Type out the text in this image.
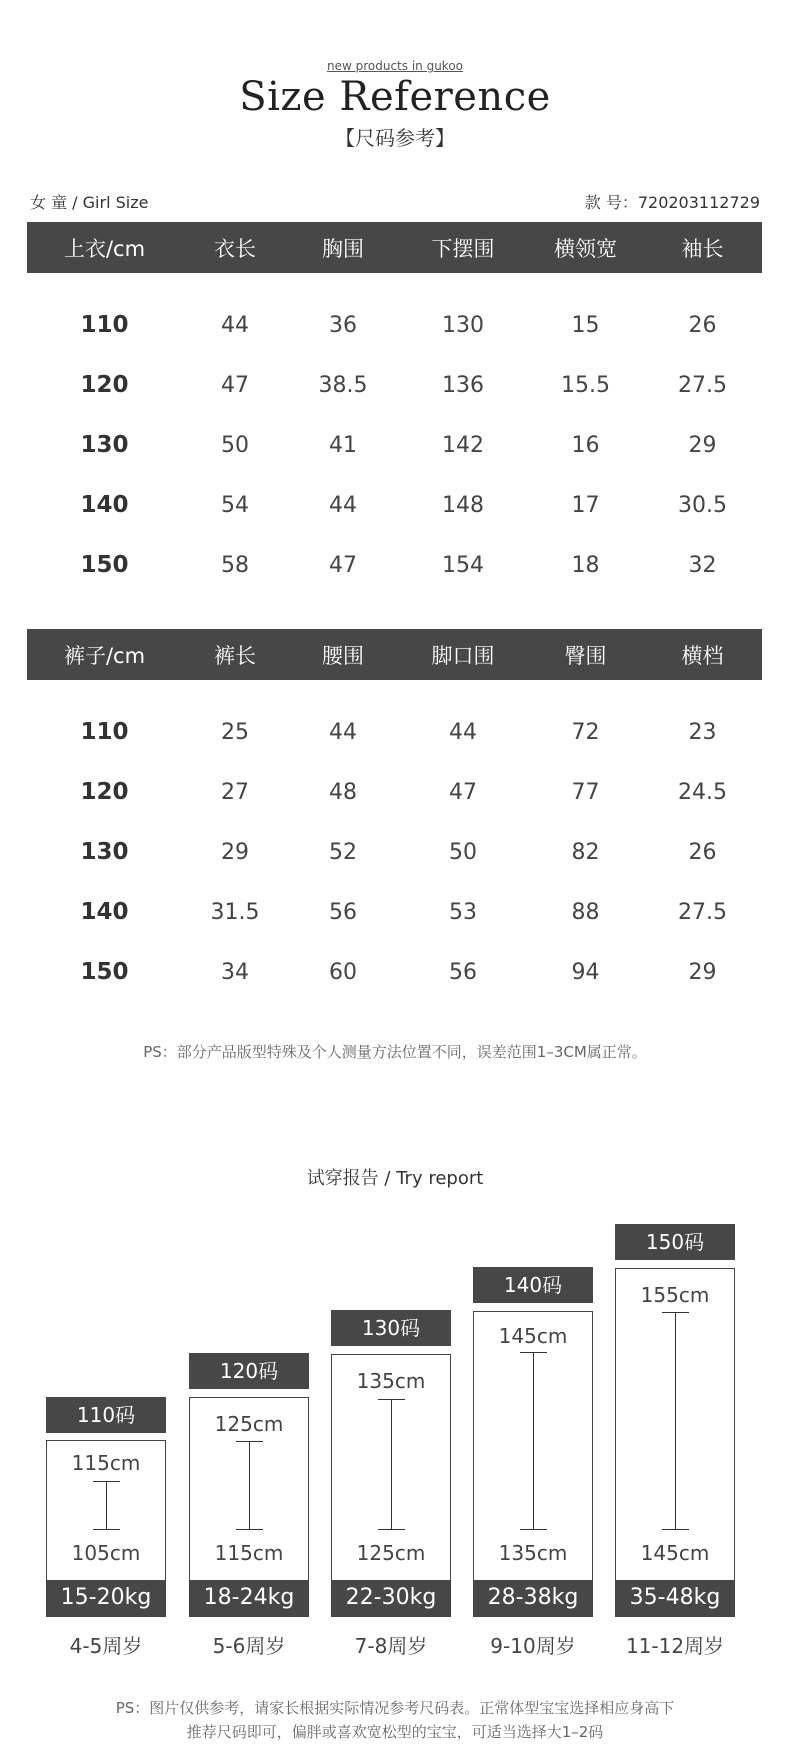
new products in gukoo
Size Reference
【尺码参考】
女 童 / Girl Size	款 号：720203112729
上衣/cm	衣长	胸围	下摆围	横领宽	袖长
110	44	36	130	15	26
120	47	38.5	136	15.5	27.5
130	50	41	142	16	29
140	54	44	148	17	30.5
150	58	47	154	18	32
裤子/cm	裤长	腰围	脚口围	臀围	横档
110	25	44	44	72	23
120	27	48	47	77	24.5
130	29	52	50	82	26
140	31.5	56	53	88	27.5
150	34	60	56	94	29
PS：部分产品版型特殊及个人测量方法位置不同，误差范围1–3CM属正常。
试穿报告 / Try report
110码
115cm
105cm
15-20kg
4-5周岁
120码
125cm
115cm
18-24kg
5-6周岁
130码
135cm
125cm
22-30kg
7-8周岁
140码
145cm
135cm
28-38kg
9-10周岁
150码
155cm
145cm
35-48kg
11-12周岁
PS：图片仅供参考，请家长根据实际情况参考尺码表。正常体型宝宝选择相应身高下
推荐尺码即可，偏胖或喜欢宽松型的宝宝，可适当选择大1–2码
